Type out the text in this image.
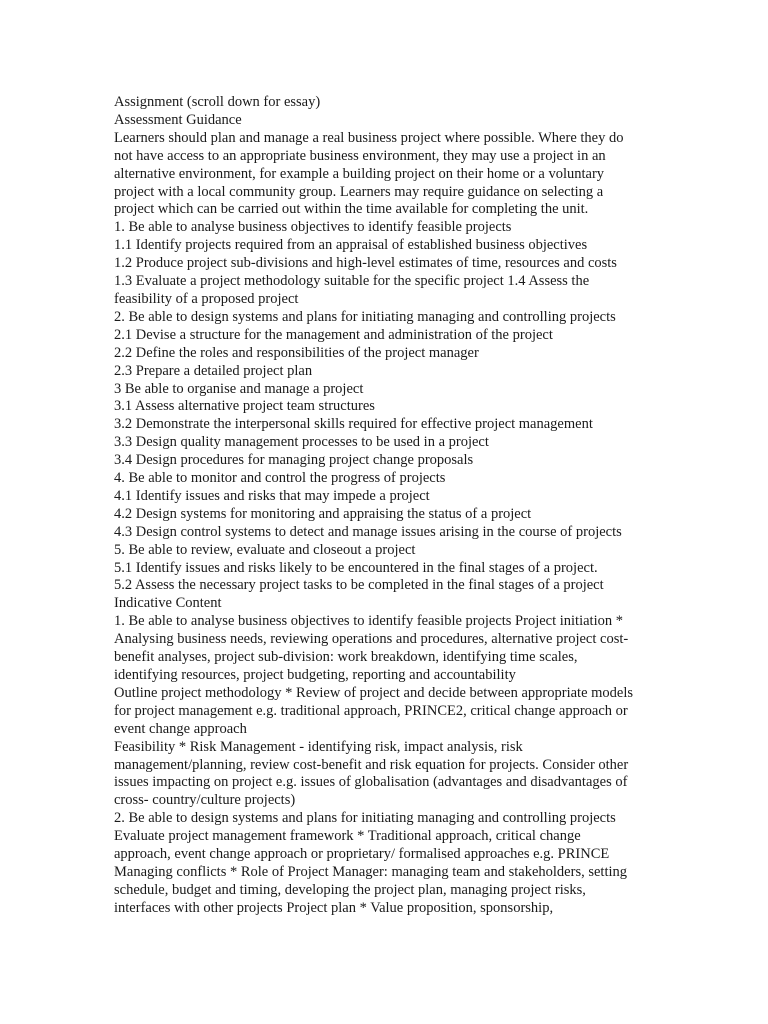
Assignment (scroll down for essay)

Assessment Guidance

Learners should plan and manage a real business project where possible. Where they do not have access to an appropriate business environment, they may use a project in an alternative environment, for example a building project on their home or a voluntary project with a local community group. Learners may require guidance on selecting a project which can be carried out within the time available for completing the unit.

1. Be able to analyse business objectives to identify feasible projects

1.1 Identify projects required from an appraisal of established business objectives

1.2 Produce project sub-divisions and high-level estimates of time, resources and costs

1.3 Evaluate a project methodology suitable for the specific project 1.4 Assess the feasibility of a proposed project

2. Be able to design systems and plans for initiating managing and controlling projects

2.1 Devise a structure for the management and administration of the project

2.2 Define the roles and responsibilities of the project manager

2.3 Prepare a detailed project plan

3 Be able to organise and manage a project

3.1 Assess alternative project team structures

3.2 Demonstrate the interpersonal skills required for effective project management

3.3 Design quality management processes to be used in a project

3.4 Design procedures for managing project change proposals

4. Be able to monitor and control the progress of projects

4.1 Identify issues and risks that may impede a project

4.2 Design systems for monitoring and appraising the status of a project

4.3 Design control systems to detect and manage issues arising in the course of projects

5. Be able to review, evaluate and closeout a project

5.1 Identify issues and risks likely to be encountered in the final stages of a project.

5.2 Assess the necessary project tasks to be completed in the final stages of a project

Indicative Content

1. Be able to analyse business objectives to identify feasible projects Project initiation * Analysing business needs, reviewing operations and procedures, alternative project cost-benefit analyses, project sub-division: work breakdown, identifying time scales, identifying resources, project budgeting, reporting and accountability

Outline project methodology * Review of project and decide between appropriate models for project management e.g. traditional approach, PRINCE2, critical change approach or event change approach

Feasibility * Risk Management - identifying risk, impact analysis, risk management/planning, review cost-benefit and risk equation for projects. Consider other issues impacting on project e.g. issues of globalisation (advantages and disadvantages of cross- country/culture projects)

2. Be able to design systems and plans for initiating managing and controlling projects

Evaluate project management framework * Traditional approach, critical change approach, event change approach or proprietary/ formalised approaches e.g. PRINCE

Managing conflicts * Role of Project Manager: managing team and stakeholders, setting schedule, budget and timing, developing the project plan, managing project risks, interfaces with other projects Project plan * Value proposition, sponsorship,
